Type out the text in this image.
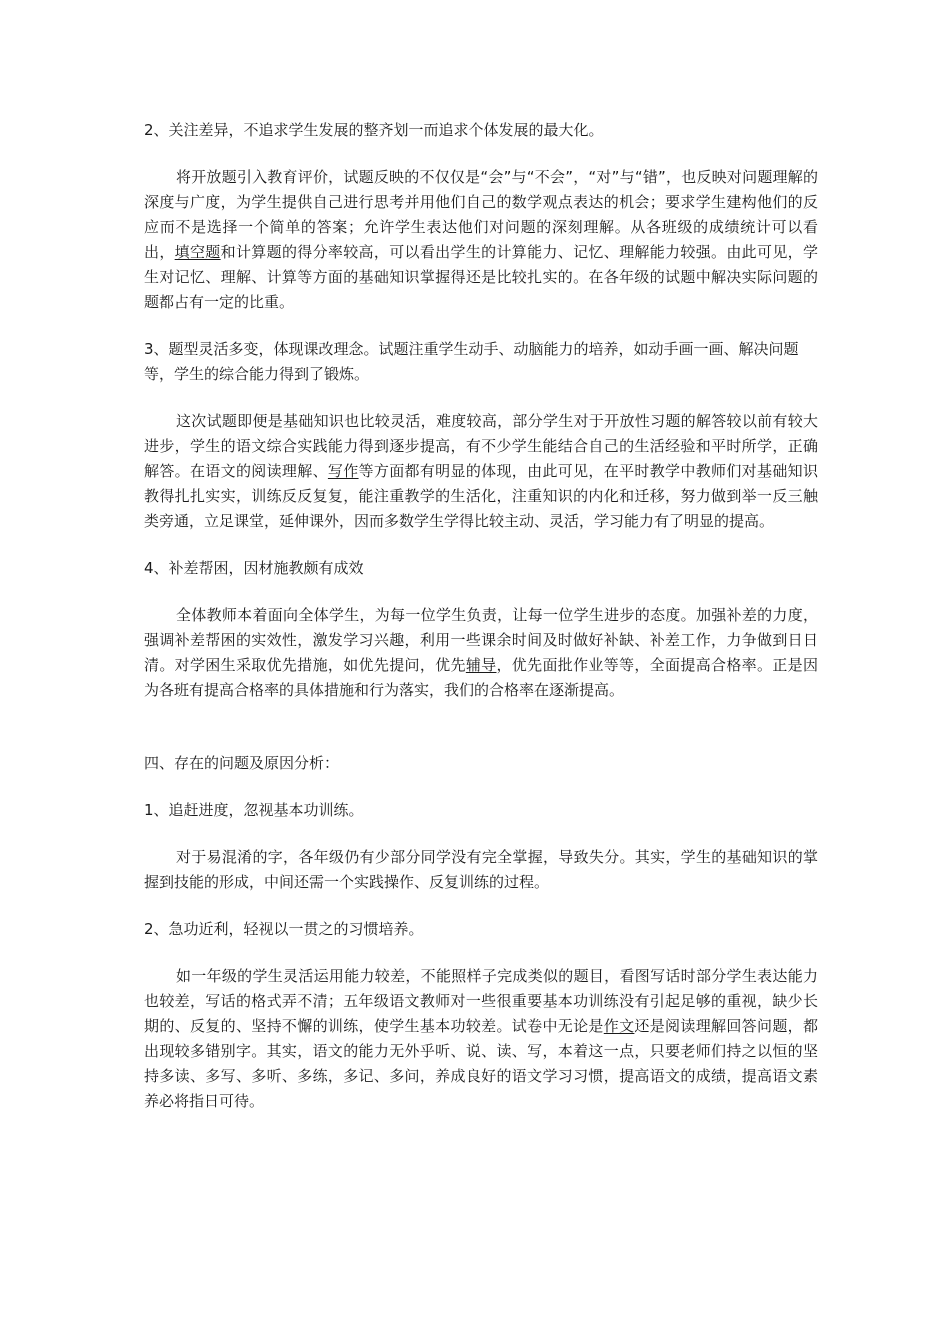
2、关注差异，不追求学生发展的整齐划一而追求个体发展的最大化。

将开放题引入教育评价，试题反映的不仅仅是“会”与“不会”，“对”与“错”，也反映对问题理解的深度与广度，为学生提供自己进行思考并用他们自己的数学观点表达的机会；要求学生建构他们的反应而不是选择一个简单的答案；允许学生表达他们对问题的深刻理解。从各班级的成绩统计可以看出，填空题和计算题的得分率较高，可以看出学生的计算能力、记忆、理解能力较强。由此可见，学生对记忆、理解、计算等方面的基础知识掌握得还是比较扎实的。在各年级的试题中解决实际问题的题都占有一定的比重。

3、题型灵活多变，体现课改理念。试题注重学生动手、动脑能力的培养，如动手画一画、解决问题等，学生的综合能力得到了锻炼。

这次试题即便是基础知识也比较灵活，难度较高，部分学生对于开放性习题的解答较以前有较大进步，学生的语文综合实践能力得到逐步提高，有不少学生能结合自己的生活经验和平时所学，正确解答。在语文的阅读理解、写作等方面都有明显的体现，由此可见，在平时教学中教师们对基础知识教得扎扎实实，训练反反复复，能注重教学的生活化，注重知识的内化和迁移，努力做到举一反三触类旁通，立足课堂，延伸课外，因而多数学生学得比较主动、灵活，学习能力有了明显的提高。

4、补差帮困，因材施教颇有成效

全体教师本着面向全体学生，为每一位学生负责，让每一位学生进步的态度。加强补差的力度，强调补差帮困的实效性，激发学习兴趣，利用一些课余时间及时做好补缺、补差工作，力争做到日日清。对学困生采取优先措施，如优先提问，优先辅导，优先面批作业等等，全面提高合格率。正是因为各班有提高合格率的具体措施和行为落实，我们的合格率在逐渐提高。

四、存在的问题及原因分析：

1、追赶进度，忽视基本功训练。

对于易混淆的字，各年级仍有少部分同学没有完全掌握，导致失分。其实，学生的基础知识的掌握到技能的形成，中间还需一个实践操作、反复训练的过程。

2、急功近利，轻视以一贯之的习惯培养。

如一年级的学生灵活运用能力较差，不能照样子完成类似的题目，看图写话时部分学生表达能力也较差，写话的格式弄不清；五年级语文教师对一些很重要基本功训练没有引起足够的重视，缺少长期的、反复的、坚持不懈的训练，使学生基本功较差。试卷中无论是作文还是阅读理解回答问题，都出现较多错别字。其实，语文的能力无外乎听、说、读、写，本着这一点，只要老师们持之以恒的坚持多读、多写、多听、多练，多记、多问，养成良好的语文学习习惯，提高语文的成绩，提高语文素养必将指日可待。
